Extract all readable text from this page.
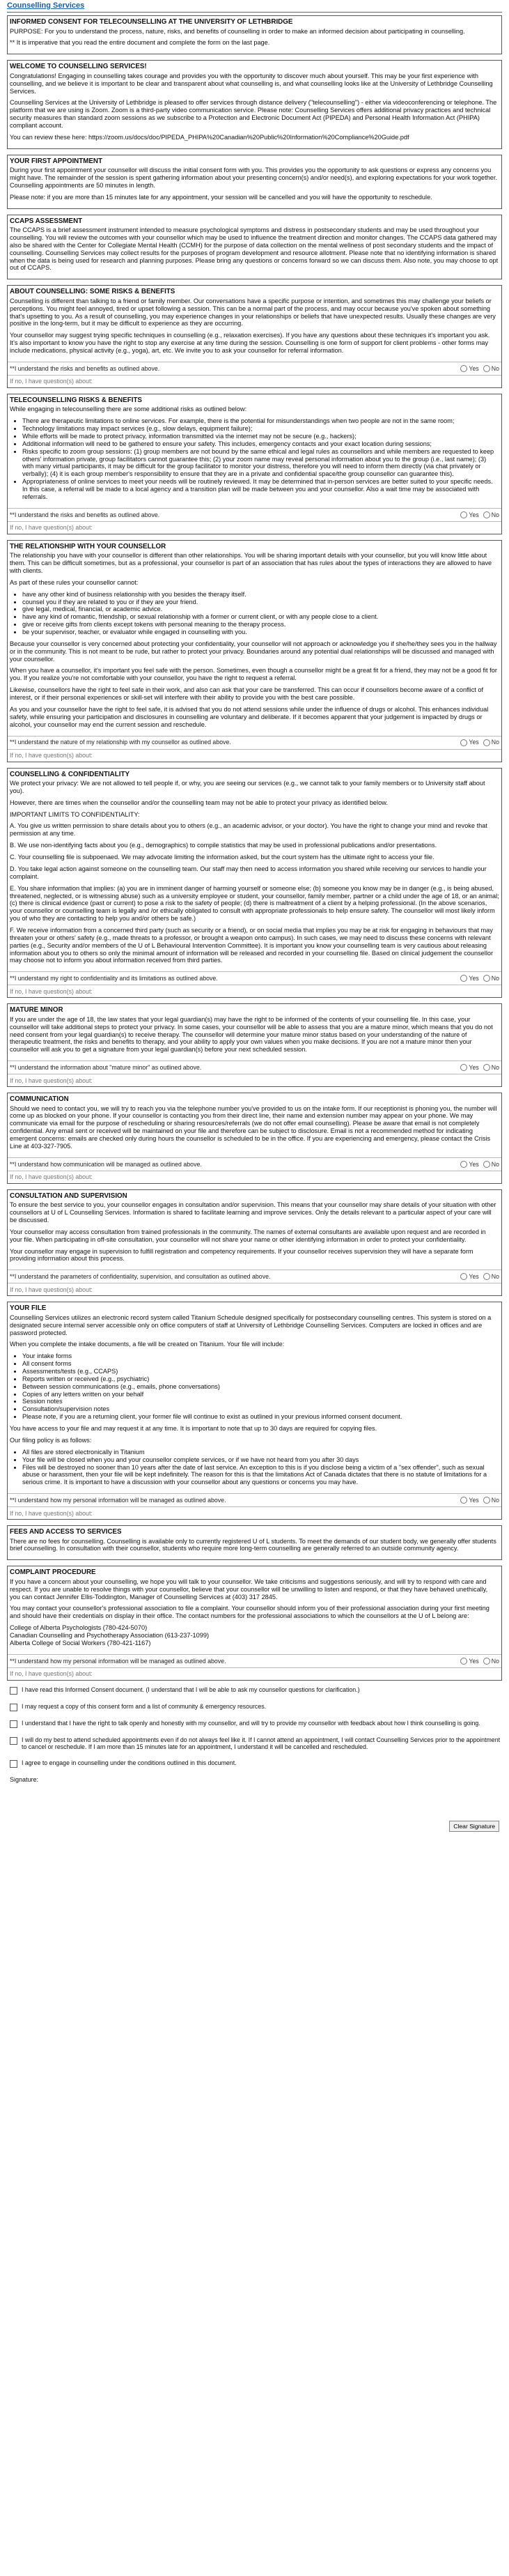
Counselling Services
INFORMED CONSENT FOR TELECOUNSELLING AT THE UNIVERSITY OF LETHBRIDGE

PURPOSE: For you to understand the process, nature, risks, and benefits of counselling in order to make an informed decision about participating in counselling.

** It is imperative that you read the entire document and complete the form on the last page.

WELCOME TO COUNSELLING SERVICES!

Congratulations! Engaging in counselling takes courage and provides you with the opportunity to discover much about yourself. This may be your first experience with counselling, and we believe it is important to be clear and transparent about what counselling is, and what counselling looks like at the University of Lethbridge Counselling Services.

Counselling Services at the University of Lethbridge is pleased to offer services through distance delivery ("telecounselling") - either via videoconferencing or telephone. The platform that we are using is Zoom. Zoom is a third-party video communication service. Please note: Counselling Services offers additional privacy practices and technical security measures than standard zoom sessions as we subscribe to a Protection and Electronic Document Act (PIPEDA) and Personal Health Information Act (PHIPA) compliant account.

You can review these here: https://zoom.us/docs/doc/PIPEDA_PHIPA%20Canadian%20Public%20Information%20Compliance%20Guide.pdf

YOUR FIRST APPOINTMENT

During your first appointment your counsellor will discuss the initial consent form with you. This provides you the opportunity to ask questions or express any concerns you might have. The remainder of the session is spent gathering information about your presenting concern(s) and/or need(s), and exploring expectations for your work together. Counselling appointments are 50 minutes in length.

Please note: if you are more than 15 minutes late for any appointment, your session will be cancelled and you will have the opportunity to reschedule.

CCAPS ASSESSMENT

The CCAPS is a brief assessment instrument intended to measure psychological symptoms and distress in postsecondary students and may be used throughout your counselling. You will review the outcomes with your counsellor which may be used to influence the treatment direction and monitor changes. The CCAPS data gathered may also be shared with the Center for Collegiate Mental Health (CCMH) for the purpose of data collection on the mental wellness of post secondary students and the impact of counselling. Counselling Services may collect results for the purposes of program development and resource allotment. Please note that no identifying information is shared when the data is being used for research and planning purposes. Please bring any questions or concerns forward so we can discuss them. Also note, you may choose to opt out of CCAPS.

ABOUT COUNSELLING: SOME RISKS & BENEFITS

Counselling is different than talking to a friend or family member. Our conversations have a specific purpose or intention, and sometimes this may challenge your beliefs or perceptions. You might feel annoyed, tired or upset following a session. This can be a normal part of the process, and may occur because you've spoken about something that's upsetting to you. As a result of counselling, you may experience changes in your relationships or beliefs that have unexpected results. Usually these changes are very positive in the long-term, but it may be difficult to experience as they are occurring.

Your counsellor may suggest trying specific techniques in counselling (e.g., relaxation exercises). If you have any questions about these techniques it's important you ask. It's also important to know you have the right to stop any exercise at any time during the session. Counselling is one form of support for client problems - other forms may include medications, physical activity (e.g., yoga), art, etc. We invite you to ask your counsellor for referral information.

**I understand the risks and benefits as outlined above.	Yes No
If no, I have question(s) about:
TELECOUNSELLING RISKS & BENEFITS

While engaging in telecounselling there are some additional risks as outlined below:

• There are therapeutic limitations to online services. For example, there is the potential for misunderstandings when two people are not in the same room;
• Technology limitations may impact services (e.g., slow delays, equipment failure);
• While efforts will be made to protect privacy, information transmitted via the internet may not be secure (e.g., hackers);
• Additional information will need to be gathered to ensure your safety. This includes, emergency contacts and your exact location during sessions;
• Risks specific to zoom group sessions: (1) group members are not bound by the same ethical and legal rules as counsellors and while members are requested to keep others' information private, group facilitators cannot guarantee this; (2) your zoom name may reveal personal information about you to the group (i.e., last name); (3) with many virtual participants, it may be difficult for the group facilitator to monitor your distress, therefore you will need to inform them directly (via chat privately or verbally); (4) it is each group member's responsibility to ensure that they are in a private and confidential space/the group counsellor can guarantee this).
• Appropriateness of online services to meet your needs will be routinely reviewed. It may be determined that in-person services are better suited to your specific needs. In this case, a referral will be made to a local agency and a transition plan will be made between you and your counsellor. Also a wait time may be associated with referrals.
**I understand the risks and benefits as outlined above.	Yes No
If no, I have question(s) about:
THE RELATIONSHIP WITH YOUR COUNSELLOR

The relationship you have with your counsellor is different than other relationships. You will be sharing important details with your counsellor, but you will know little about them. This can be difficult sometimes, but as a professional, your counsellor is part of an association that has rules about the types of interactions they are allowed to have with clients.

As part of these rules your counsellor cannot:

• have any other kind of business relationship with you besides the therapy itself.
• counsel you if they are related to you or if they are your friend.
• give legal, medical, financial, or academic advice.
• have any kind of romantic, friendship, or sexual relationship with a former or current client, or with any people close to a client.
• give or receive gifts from clients except tokens with personal meaning to the therapy process.
• be your supervisor, teacher, or evaluator while engaged in counselling with you.

Because your counsellor is very concerned about protecting your confidentiality, your counsellor will not approach or acknowledge you if she/he/they sees you in the hallway or in the community. This is not meant to be rude, but rather to protect your privacy. Boundaries around any potential dual relationships will be discussed and managed with your counsellor.

When you have a counsellor, it's important you feel safe with the person. Sometimes, even though a counsellor might be a great fit for a friend, they may not be a good fit for you. If you realize you're not comfortable with your counsellor, you have the right to request a referral.

Likewise, counsellors have the right to feel safe in their work, and also can ask that your care be transferred. This can occur if counsellors become aware of a conflict of interest, or if their personal experiences or skill-set will interfere with their ability to provide you with the best care possible.

As you and your counsellor have the right to feel safe, it is advised that you do not attend sessions while under the influence of drugs or alcohol. This enhances individual safety, while ensuring your participation and disclosures in counselling are voluntary and deliberate. If it becomes apparent that your judgement is impacted by drugs or alcohol, your counsellor may end the current session and reschedule.

**I understand the nature of my relationship with my counsellor as outlined above.	Yes No
If no, I have question(s) about:
COUNSELLING & CONFIDENTIALITY

We protect your privacy: We are not allowed to tell people if, or why, you are seeing our services (e.g., we cannot talk to your family members or to University staff about you).

However, there are times when the counsellor and/or the counselling team may not be able to protect your privacy as identified below.

IMPORTANT LIMITS TO CONFIDENTIALITY:

A. You give us written permission to share details about you to others (e.g., an academic advisor, or your doctor). You have the right to change your mind and revoke that permission at any time.

B. We use non-identifying facts about you (e.g., demographics) to compile statistics that may be used in professional publications and/or presentations.

C. Your counselling file is subpoenaed. We may advocate limiting the information asked, but the court system has the ultimate right to access your file.

D. You take legal action against someone on the counselling team. Our staff may then need to access information you shared while receiving our services to handle your complaint.

E. You share information that implies: (a) you are in imminent danger of harming yourself or someone else; (b) someone you know may be in danger (e.g., is being abused, threatened, neglected, or is witnessing abuse) such as a university employee or student, your counsellor, family member, partner or a child under the age of 18, or an animal; (c) there is clinical evidence (past or current) to pose a risk to the safety of people; (d) there is maltreatment of a client by a helping professional. (In the above scenarios, your counsellor or counselling team is legally and /or ethically obligated to consult with appropriate professionals to help ensure safety. The counsellor will most likely inform you of who they are contacting to help you and/or others be safe.)

F. We receive information from a concerned third party (such as security or a friend), or on social media that implies you may be at risk for engaging in behaviours that may threaten your or others' safety (e.g., made threats to a professor, or brought a weapon onto campus). In such cases, we may need to discuss these concerns with relevant parties (e.g., Security and/or members of the U of L Behavioural Intervention Committee). It is important you know your counselling team is very cautious about releasing information about you to others so only the minimal amount of information will be released and recorded in your counselling file. Based on clinical judgement the counsellor may choose not to inform you about information received from third parties.

**I understand my right to confidentiality and its limitations as outlined above.	Yes No
If no, I have question(s) about:
MATURE MINOR

If you are under the age of 18, the law states that your legal guardian(s) may have the right to be informed of the contents of your counselling file. In this case, your counsellor will take additional steps to protect your privacy. In some cases, your counsellor will be able to assess that you are a mature minor, which means that you do not need consent from your legal guardian(s) to receive therapy. The counsellor will determine your mature minor status based on your understanding of the nature of therapeutic treatment, the risks and benefits to therapy, and your ability to apply your own values when you make decisions. If you are not a mature minor then your counsellor will ask you to get a signature from your legal guardian(s) before your next scheduled session.

**I understand the information about "mature minor" as outlined above.	Yes No
If no, I have question(s) about:
COMMUNICATION

Should we need to contact you, we will try to reach you via the telephone number you've provided to us on the intake form. If our receptionist is phoning you, the number will come up as blocked on your phone. If your counsellor is contacting you from their direct line, their name and extension number may appear on your phone. We may communicate via email for the purpose of rescheduling or sharing resources/referrals (we do not offer email counselling). Please be aware that email is not completely confidential. Any email sent or received will be maintained on your file and therefore can be subject to disclosure. Email is not a recommended method for indicating emergent concerns: emails are checked only during hours the counsellor is scheduled to be in the office. If you are experiencing and emergency, please contact the Crisis Line at 403-327-7905.

**I understand how communication will be managed as outlined above.	Yes No
If no, I have question(s) about:
CONSULTATION AND SUPERVISION

To ensure the best service to you, your counsellor engages in consultation and/or supervision. This means that your counsellor may share details of your situation with other counsellors at U of L Counselling Services. Information is shared to facilitate learning and improve services. Only the details relevant to a particular aspect of your care will be discussed.

Your counsellor may access consultation from trained professionals in the community. The names of external consultants are available upon request and are recorded in your file. When participating in off-site consultation, your counsellor will not share your name or other identifying information in order to protect your confidentiality.

Your counsellor may engage in supervision to fulfill registration and competency requirements. If your counsellor receives supervision they will have a separate form providing information about this process.

**I understand the parameters of confidentiality, supervision, and consultation as outlined above.	Yes No
If no, I have question(s) about:
YOUR FILE

Counselling Services utilizes an electronic record system called Titanium Schedule designed specifically for postsecondary counselling centres. This system is stored on a designated secure internal server accessible only on office computers of staff at University of Lethbridge Counselling Services. Computers are locked in offices and are password protected.

When you complete the intake documents, a file will be created on Titanium. Your file will include:

• Your intake forms
• All consent forms
• Assessments/tests (e.g., CCAPS)
• Reports written or received (e.g., psychiatric)
• Between session communications (e.g., emails, phone conversations)
• Copies of any letters written on your behalf
• Session notes
• Consultation/supervision notes
• Please note, if you are a returning client, your former file will continue to exist as outlined in your previous informed consent document.

You have access to your file and may request it at any time. It is important to note that up to 30 days are required for copying files.

Our filing policy is as follows:

• All files are stored electronically in Titanium
• Your file will be closed when you and your counsellor complete services, or if we have not heard from you after 30 days
• Files will be destroyed no sooner than 10 years after the date of last service. An exception to this is if you disclose being a victim of a "sex offender", such as sexual abuse or harassment, then your file will be kept indefinitely. The reason for this is that the limitations Act of Canada dictates that there is no statute of limitations for a serious crime. It is important to have a discussion with your counsellor about any questions or concerns you may have.
**I understand how my personal information will be managed as outlined above.	Yes No
If no, I have question(s) about:
FEES AND ACCESS TO SERVICES

There are no fees for counselling. Counselling is available only to currently registered U of L students. To meet the demands of our student body, we generally offer students brief counselling. In consultation with their counsellor, students who require more long-term counselling are generally referred to an outside community agency.

COMPLAINT PROCEDURE

If you have a concern about your counselling, we hope you will talk to your counsellor. We take criticisms and suggestions seriously, and will try to respond with care and respect. If you are unable to resolve things with your counsellor, believe that your counsellor will be unwilling to listen and respond, or that they have behaved unethically, you can contact Jennifer Ellis-Toddington, Manager of Counselling Services at (403) 317 2845.

You may contact your counsellor's professional association to file a complaint. Your counsellor should inform you of their professional association during your first meeting and should have their credentials on display in their office. The contact numbers for the professional associations to which the counsellors at the U of L belong are:

College of Alberta Psychologists (780-424-5070)
Canadian Counselling and Psychotherapy Association (613-237-1099)
Alberta College of Social Workers (780-421-1167)

**I understand how my personal information will be managed as outlined above.	Yes No
If no, I have question(s) about:
I have read this Informed Consent document. (I understand that I will be able to ask my counsellor questions for clarification.)
I may request a copy of this consent form and a list of community & emergency resources.
I understand that I have the right to talk openly and honestly with my counsellor, and will try to provide my counsellor with feedback about how I think counselling is going.
I will do my best to attend scheduled appointments even if do not always feel like it. If I cannot attend an appointment, I will contact Counselling Services prior to the appointment to cancel or reschedule. If I am more than 15 minutes late for an appointment, I understand it will be cancelled and rescheduled.
I agree to engage in counselling under the conditions outlined in this document.
Signature:
Clear Signature
